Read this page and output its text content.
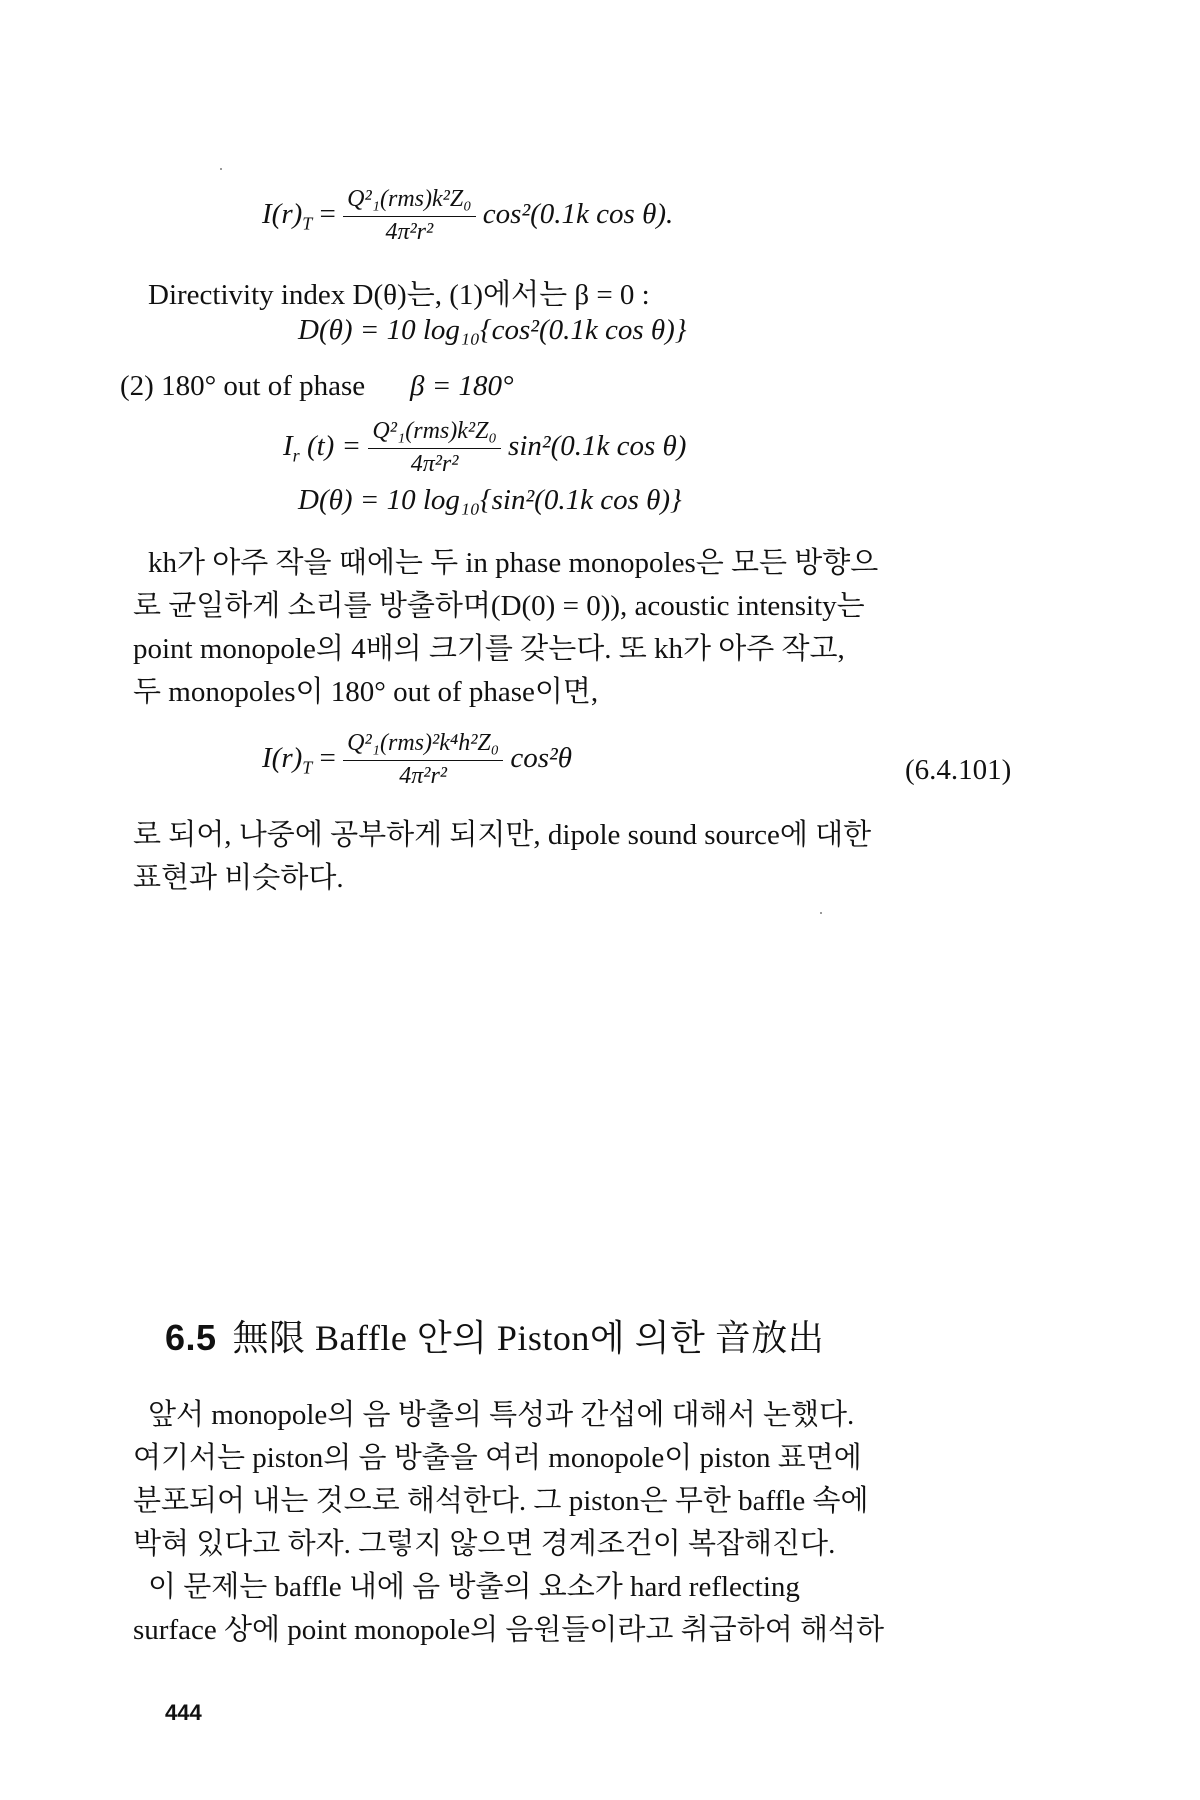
$I(r)_T = \frac{\text{Q²₁(rms)k²Z₀}}{\text{4π²r²}} \cos^2(0.1k$ cos θ).
Directivity index D(θ)는, (1)에서는 β = 0 :
D(θ) = 10 log₁₀{cos²(0.1k cos θ)}
(2) 180° out of phase β = 180°
$I_r$ $(t) = \frac{\text{Q²₁(rms)k²Z₀}}{\text{4π²r²}} \sin^2(0.1k$ cos θ)
D(θ) = 10 log₁₀{sin²(0.1k cos θ)}
kh가 아주 작을 때에는 두 in phase monopoles은 모든 방향으
로 균일하게 소리를 방출하며(D(0) = 0)), acoustic intensity는
point monopole의 4배의 크기를 갖는다. 또 kh가 아주 작고,
두 monopoles이 180° out of phase이면,
$I(r)_T = \frac{\text{Q²₁(rms)²k⁴h²Z₀}}{\text{4π²r²}} \cos^2\theta$	(6.4.101)
로 되어, 나중에 공부하게 되지만, dipole sound source에 대한
표현과 비슷하다.
6.5 無限 Baffle 안의 Piston에 의한 音放出
앞서 monopole의 음 방출의 특성과 간섭에 대해서 논했다.
여기서는 piston의 음 방출을 여러 monopole이 piston 표면에
분포되어 내는 것으로 해석한다. 그 piston은 무한 baffle 속에
박혀 있다고 하자. 그렇지 않으면 경계조건이 복잡해진다.
이 문제는 baffle 내에 음 방출의 요소가 hard reflecting
surface 상에 point monopole의 음원들이라고 취급하여 해석하
444
